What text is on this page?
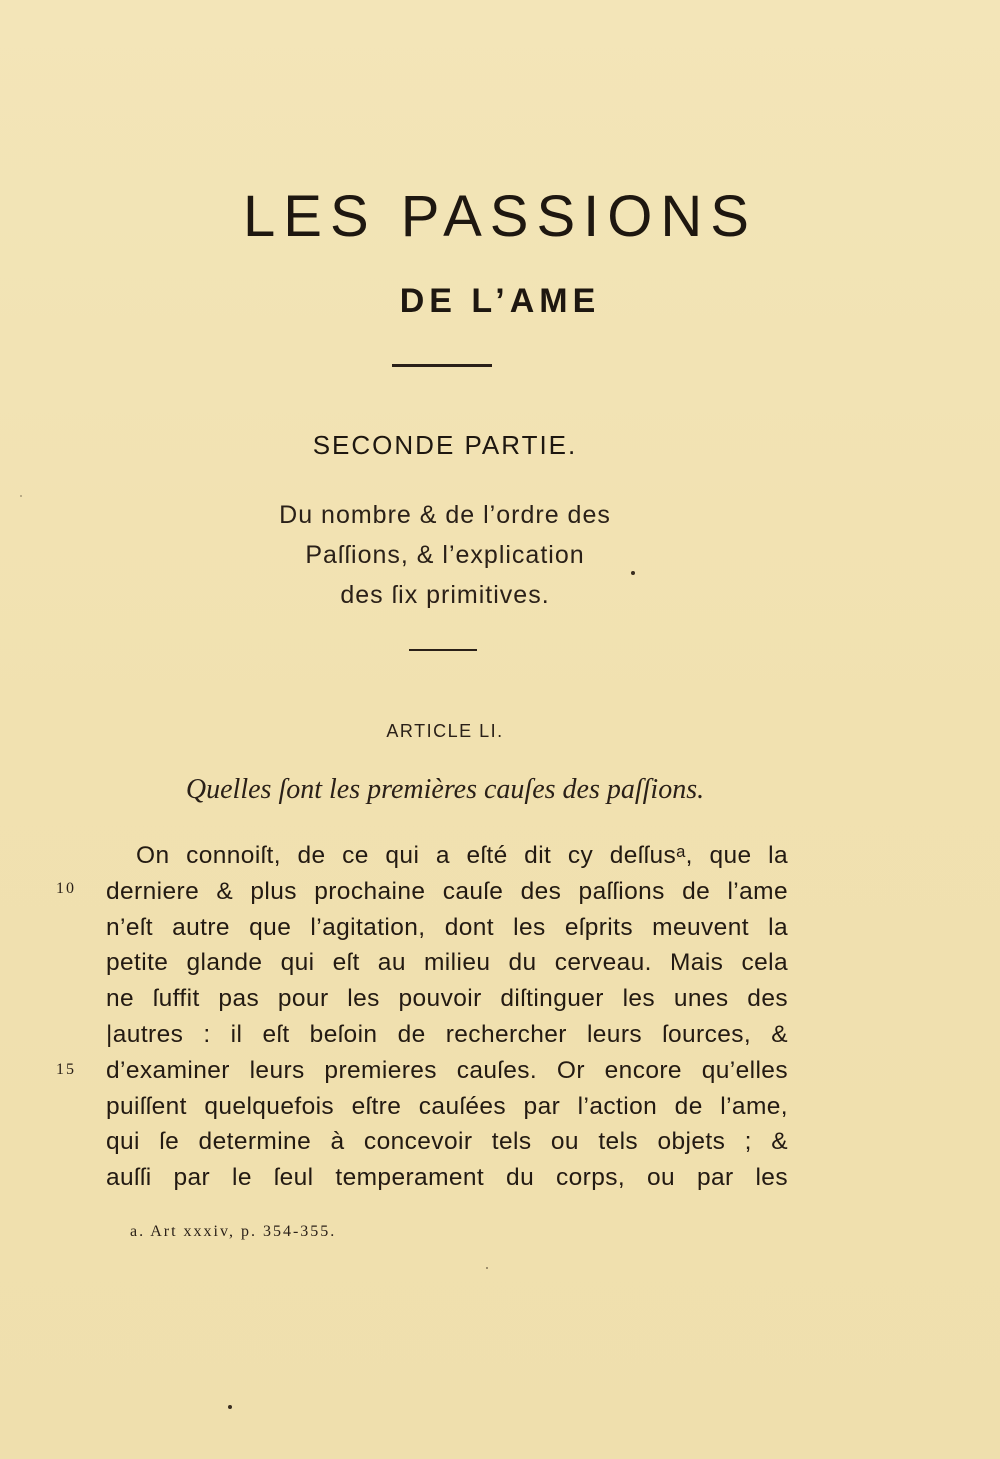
LES PASSIONS
DE L’AME
SECONDE PARTIE.
Du nombre & de l’ordre des
Paſſions, & l’explication
des ſix primitives.
ARTICLE LI.
Quelles ſont les premières cauſes des paſſions.
10
15
On connoiſt, de ce qui a eſté dit cy deſſusᵃ, que la
derniere & plus prochaine cauſe des paſſions de l’ame
n’eſt autre que l’agitation, dont les eſprits meuvent la
petite glande qui eſt au milieu du cerveau. Mais cela
ne ſuffit pas pour les pouvoir diſtinguer les unes des
|autres : il eſt beſoin de rechercher leurs ſources, &
d’examiner leurs premieres cauſes. Or encore qu’elles
puiſſent quelquefois eſtre cauſées par l’action de l’ame,
qui ſe determine à concevoir tels ou tels objets ; &
auſſi par le ſeul temperament du corps, ou par les
a. Art xxxiv, p. 354-355.
